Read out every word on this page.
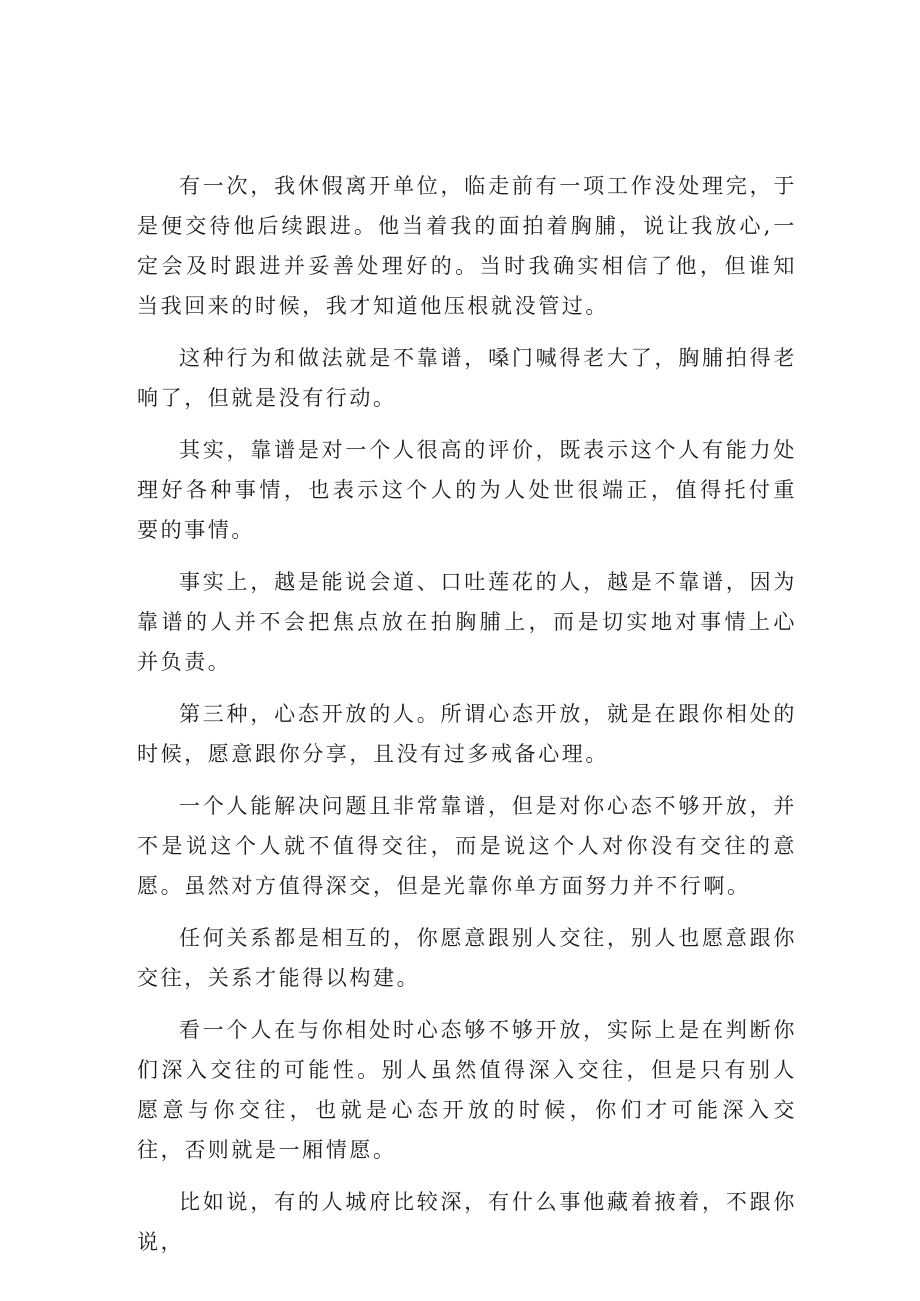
有一次，我休假离开单位，临走前有一项工作没处理完，于是便交待他后续跟进。他当着我的面拍着胸脯，说让我放心,一定会及时跟进并妥善处理好的。当时我确实相信了他，但谁知当我回来的时候，我才知道他压根就没管过。

这种行为和做法就是不靠谱，嗓门喊得老大了，胸脯拍得老响了，但就是没有行动。

其实，靠谱是对一个人很高的评价，既表示这个人有能力处理好各种事情，也表示这个人的为人处世很端正，值得托付重要的事情。

事实上，越是能说会道、口吐莲花的人，越是不靠谱，因为靠谱的人并不会把焦点放在拍胸脯上，而是切实地对事情上心并负责。

第三种，心态开放的人。所谓心态开放，就是在跟你相处的时候，愿意跟你分享，且没有过多戒备心理。

一个人能解决问题且非常靠谱，但是对你心态不够开放，并不是说这个人就不值得交往，而是说这个人对你没有交往的意愿。虽然对方值得深交，但是光靠你单方面努力并不行啊。

任何关系都是相互的，你愿意跟别人交往，别人也愿意跟你交往，关系才能得以构建。

看一个人在与你相处时心态够不够开放，实际上是在判断你们深入交往的可能性。别人虽然值得深入交往，但是只有别人愿意与你交往，也就是心态开放的时候，你们才可能深入交往，否则就是一厢情愿。

比如说，有的人城府比较深，有什么事他藏着掖着，不跟你说，
